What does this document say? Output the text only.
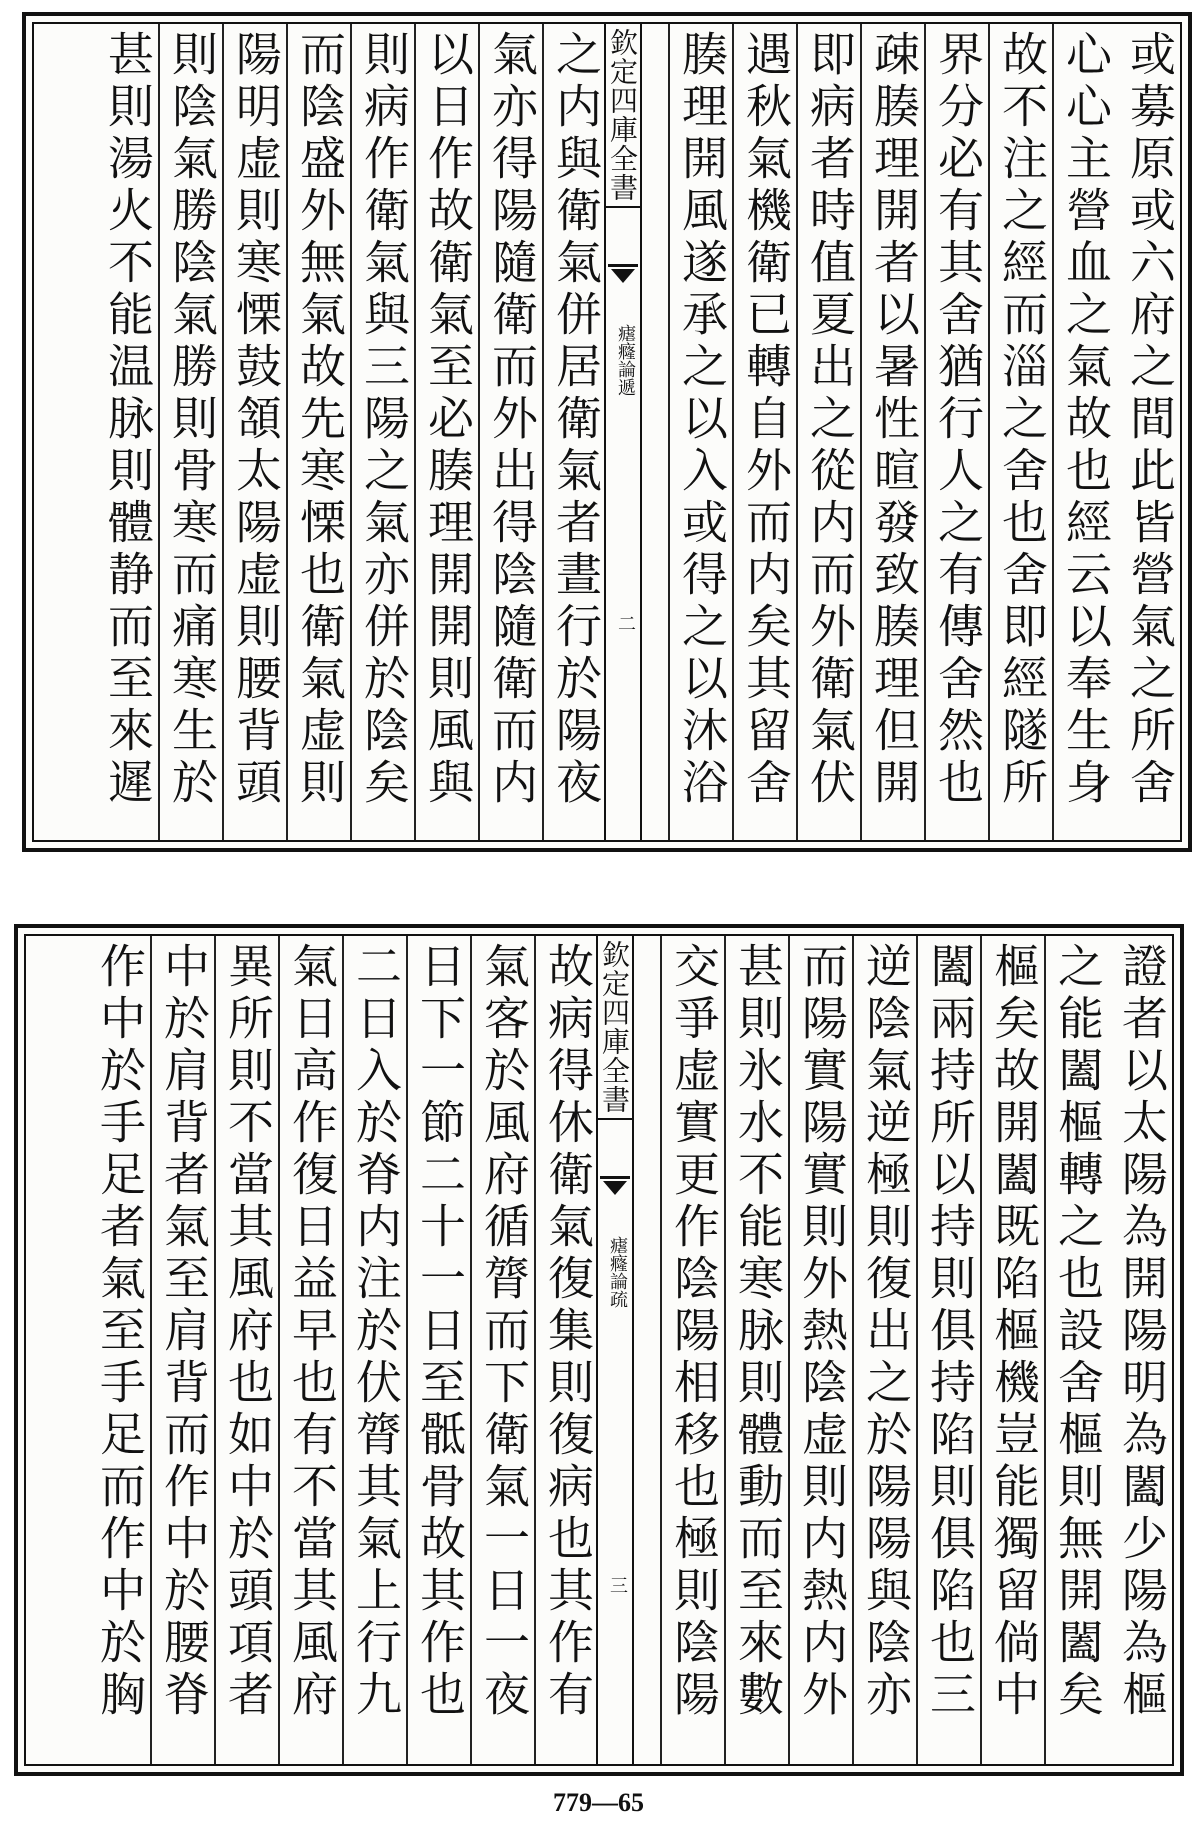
或募原或六府之間此皆營氣之所舍
心心主營血之氣故也經云以奉生身
故不注之經而淄之舍也舍即經隧所
界分必有其舍猶行人之有傳舍然也
疎腠理開者以暑性暄發致腠理但開
即病者時值夏出之從内而外衛氣伏
遇秋氣機衛已轉自外而内矣其留舍
腠理開風遂承之以入或得之以沐浴
欽定四庫全書
瘧癃論遞
二
之内與衛氣併居衛氣者晝行於陽夜
氣亦得陽隨衛而外出得陰隨衛而内
以日作故衛氣至必腠理開開則風與
則病作衛氣與三陽之氣亦併於陰矣
而陰盛外無氣故先寒慄也衛氣虚則
陽明虚則寒慄鼓頷太陽虚則腰背頭
則陰氣勝陰氣勝則骨寒而痛寒生於
甚則湯火不能温脉則體静而至來遲
證者以太陽為開陽明為闔少陽為樞
之能闔樞轉之也設舍樞則無開闔矣
樞矣故開闔既陷樞機豈能獨留倘中
闔兩持所以持則俱持陷則俱陷也三
逆陰氣逆極則復出之於陽陽與陰亦
而陽實陽實則外熱陰虚則内熱内外
甚則氷水不能寒脉則體動而至來數
交爭虚實更作陰陽相移也極則陰陽
欽定四庫全書
瘧癃論疏
三
故病得休衛氣復集則復病也其作有
氣客於風府循膂而下衛氣一日一夜
日下一節二十一日至骶骨故其作也
二日入於脊内注於伏膂其氣上行九
氣日高作復日益早也有不當其風府
異所則不當其風府也如中於頭項者
中於肩背者氣至肩背而作中於腰脊
作中於手足者氣至手足而作中於胸
779—65
